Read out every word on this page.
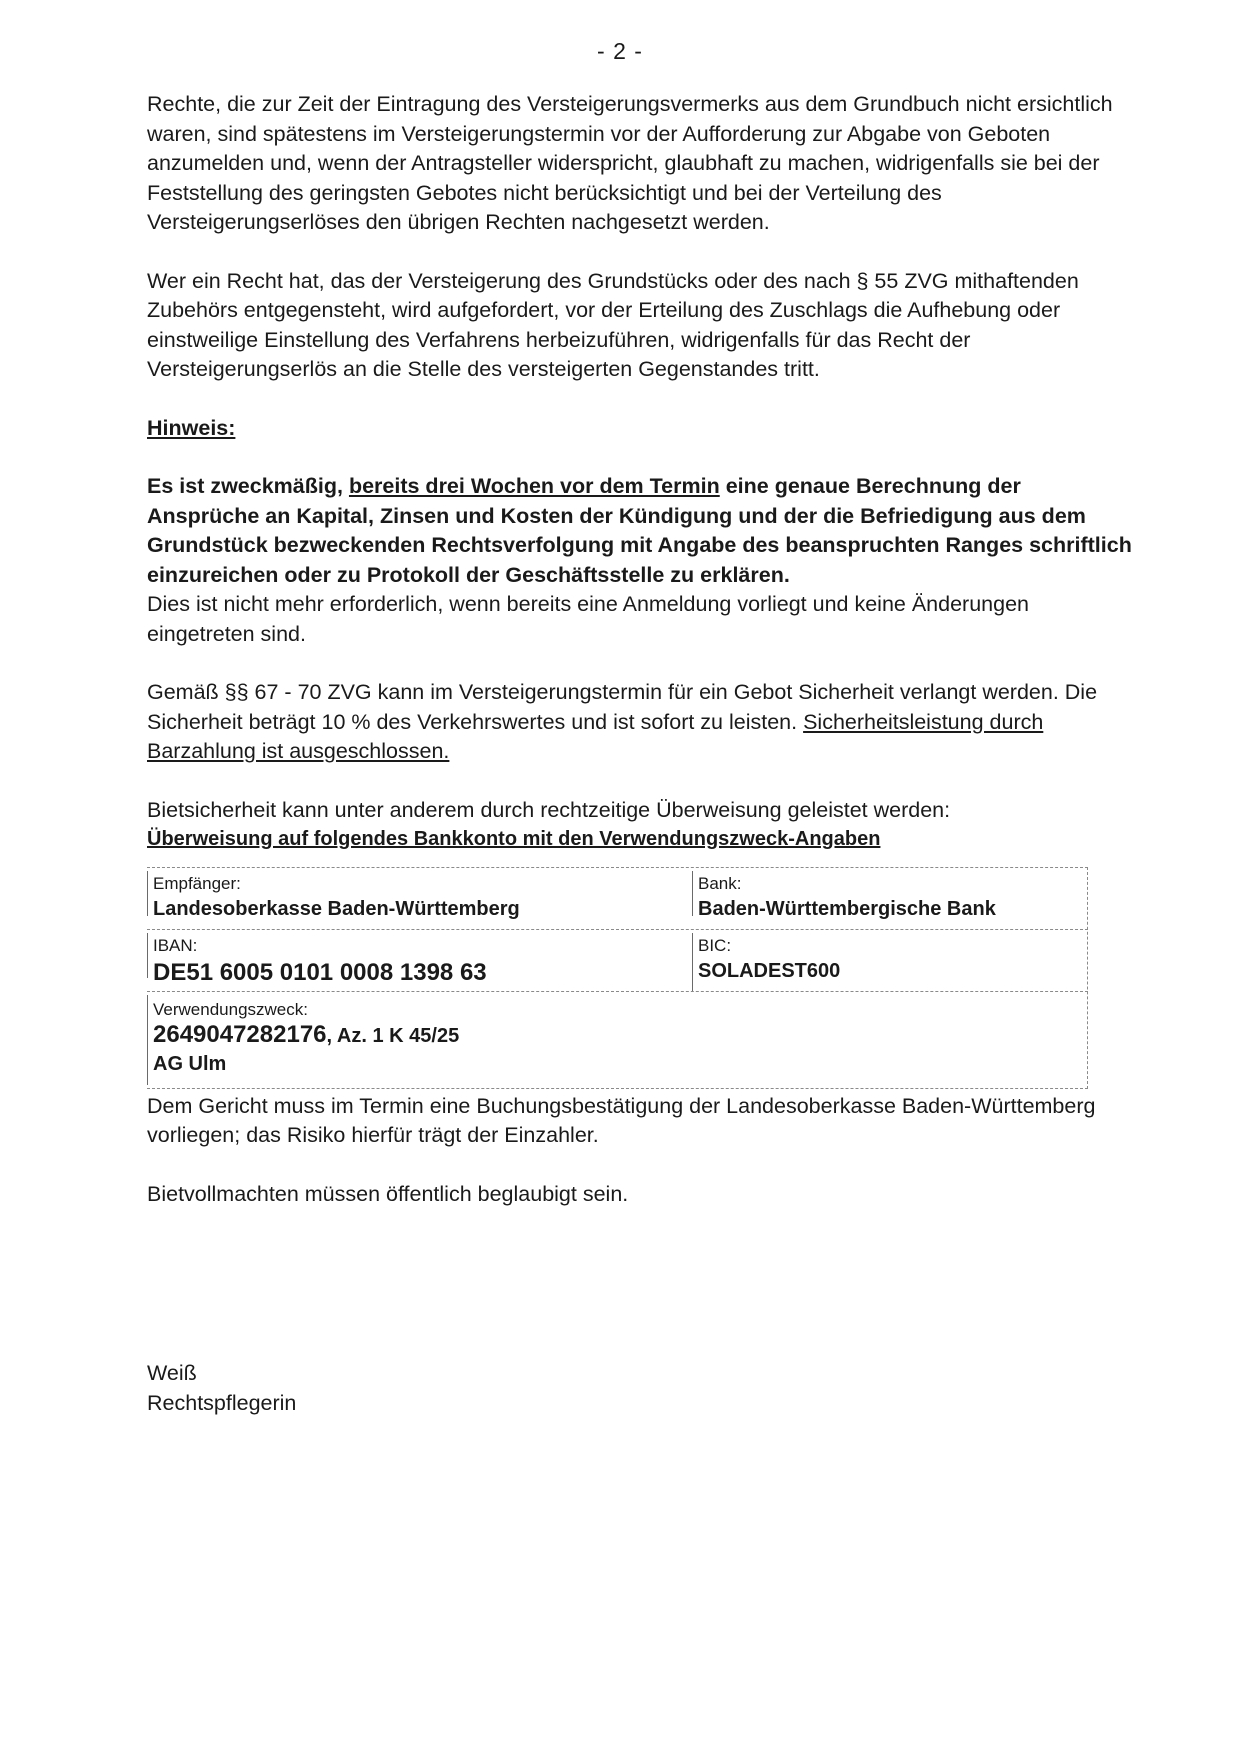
- 2 -

Rechte, die zur Zeit der Eintragung des Versteigerungsvermerks aus dem Grundbuch nicht ersichtlich waren, sind spätestens im Versteigerungstermin vor der Aufforderung zur Abgabe von Geboten anzumelden und, wenn der Antragsteller widerspricht, glaubhaft zu machen, widrigenfalls sie bei der Feststellung des geringsten Gebotes nicht berücksichtigt und bei der Verteilung des Versteigerungserlöses den übrigen Rechten nachgesetzt werden.

Wer ein Recht hat, das der Versteigerung des Grundstücks oder des nach § 55 ZVG mithaftenden Zubehörs entgegensteht, wird aufgefordert, vor der Erteilung des Zuschlags die Aufhebung oder einstweilige Einstellung des Verfahrens herbeizuführen, widrigenfalls für das Recht der Versteigerungserlös an die Stelle des versteigerten Gegenstandes tritt.

Hinweis:

Es ist zweckmäßig, bereits drei Wochen vor dem Termin eine genaue Berechnung der Ansprüche an Kapital, Zinsen und Kosten der Kündigung und der die Befriedigung aus dem Grundstück bezweckenden Rechtsverfolgung mit Angabe des beanspruchten Ranges schriftlich einzureichen oder zu Protokoll der Geschäftsstelle zu erklären.

Dies ist nicht mehr erforderlich, wenn bereits eine Anmeldung vorliegt und keine Änderungen eingetreten sind.

Gemäß §§ 67 - 70 ZVG kann im Versteigerungstermin für ein Gebot Sicherheit verlangt werden. Die Sicherheit beträgt 10 % des Verkehrswertes und ist sofort zu leisten. Sicherheitsleistung durch Barzahlung ist ausgeschlossen.

Bietsicherheit kann unter anderem durch rechtzeitige Überweisung geleistet werden:

Überweisung auf folgendes Bankkonto mit den Verwendungszweck-Angaben

Empfänger:
Landesoberkasse Baden-Württemberg
Bank:
Baden-Württembergische Bank
IBAN:
DE51 6005 0101 0008 1398 63
BIC:
SOLADEST600
Verwendungszweck:
2649047282176, Az. 1 K 45/25
AG Ulm

Dem Gericht muss im Termin eine Buchungsbestätigung der Landesoberkasse Baden-Württemberg vorliegen; das Risiko hierfür trägt der Einzahler.

Bietvollmachten müssen öffentlich beglaubigt sein.

Weiß
Rechtspflegerin
